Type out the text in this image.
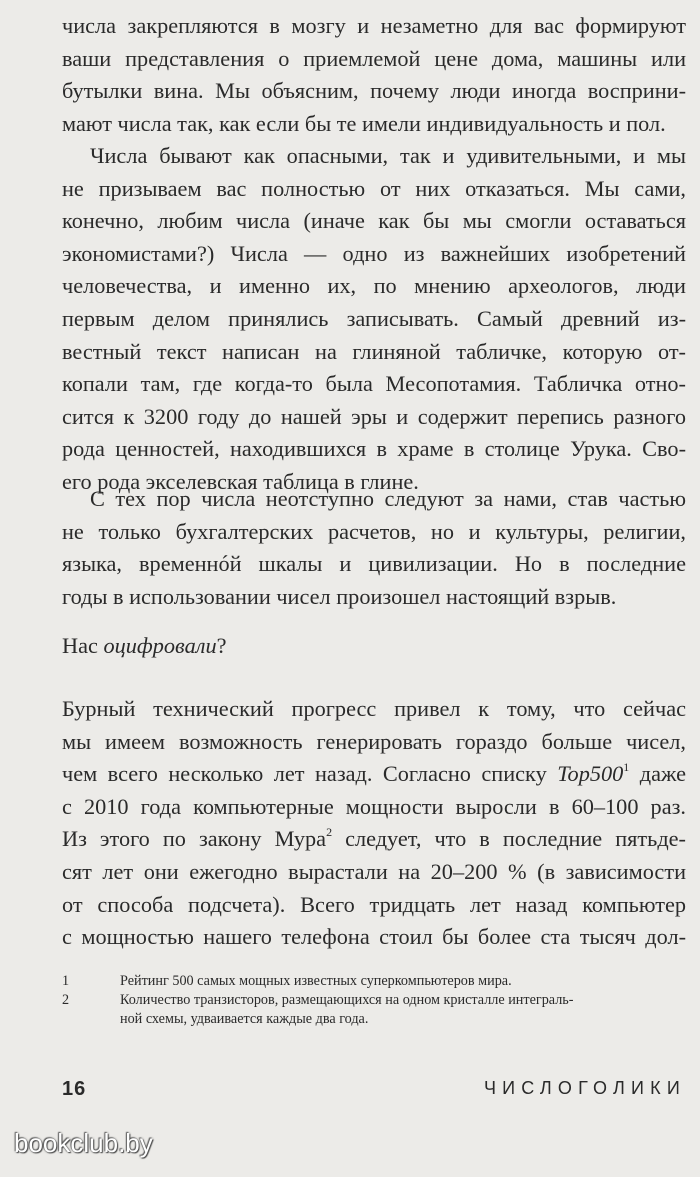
числа закрепляются в мозгу и незаметно для вас формируют
ваши представления о приемлемой цене дома, машины или
бутылки вина. Мы объясним, почему люди иногда восприни-
мают числа так, как если бы те имели индивидуальность и пол.
Числа бывают как опасными, так и удивительными, и мы
не призываем вас полностью от них отказаться. Мы сами,
конечно, любим числа (иначе как бы мы смогли оставаться
экономистами?) Числа — одно из важнейших изобретений
человечества, и именно их, по мнению археологов, люди
первым делом принялись записывать. Самый древний из-
вестный текст написан на глиняной табличке, которую от-
копали там, где когда-то была Месопотамия. Табличка отно-
сится к 3200 году до нашей эры и содержит перепись разного
рода ценностей, находившихся в храме в столице Урука. Сво-
его рода экселевская таблица в глине.
С тех пор числа неотступно следуют за нами, став частью
не только бухгалтерских расчетов, но и культуры, религии,
языка, временнóй шкалы и цивилизации. Но в последние
годы в использовании чисел произошел настоящий взрыв.
Нас оцифровали?
Бурный технический прогресс привел к тому, что сейчас
мы имеем возможность генерировать гораздо больше чисел,
чем всего несколько лет назад. Согласно списку $Top500^1$ даже
с 2010 года компьютерные мощности выросли в 60–100 раз.
Из этого по закону Мура$^2$ следует, что в последние пятьде-
сят лет они ежегодно вырастали на 20–200 % (в зависимости
от способа подсчета). Всего тридцать лет назад компьютер
с мощностью нашего телефона стоил бы более ста тысяч дол-
1	Рейтинг 500 самых мощных известных суперкомпьютеров мира.
2	Количество транзисторов, размещающихся на одном кристалле интеграль-
ной схемы, удваивается каждые два года.
16	ЧИСЛОГОЛИКИ
bookclub.by
